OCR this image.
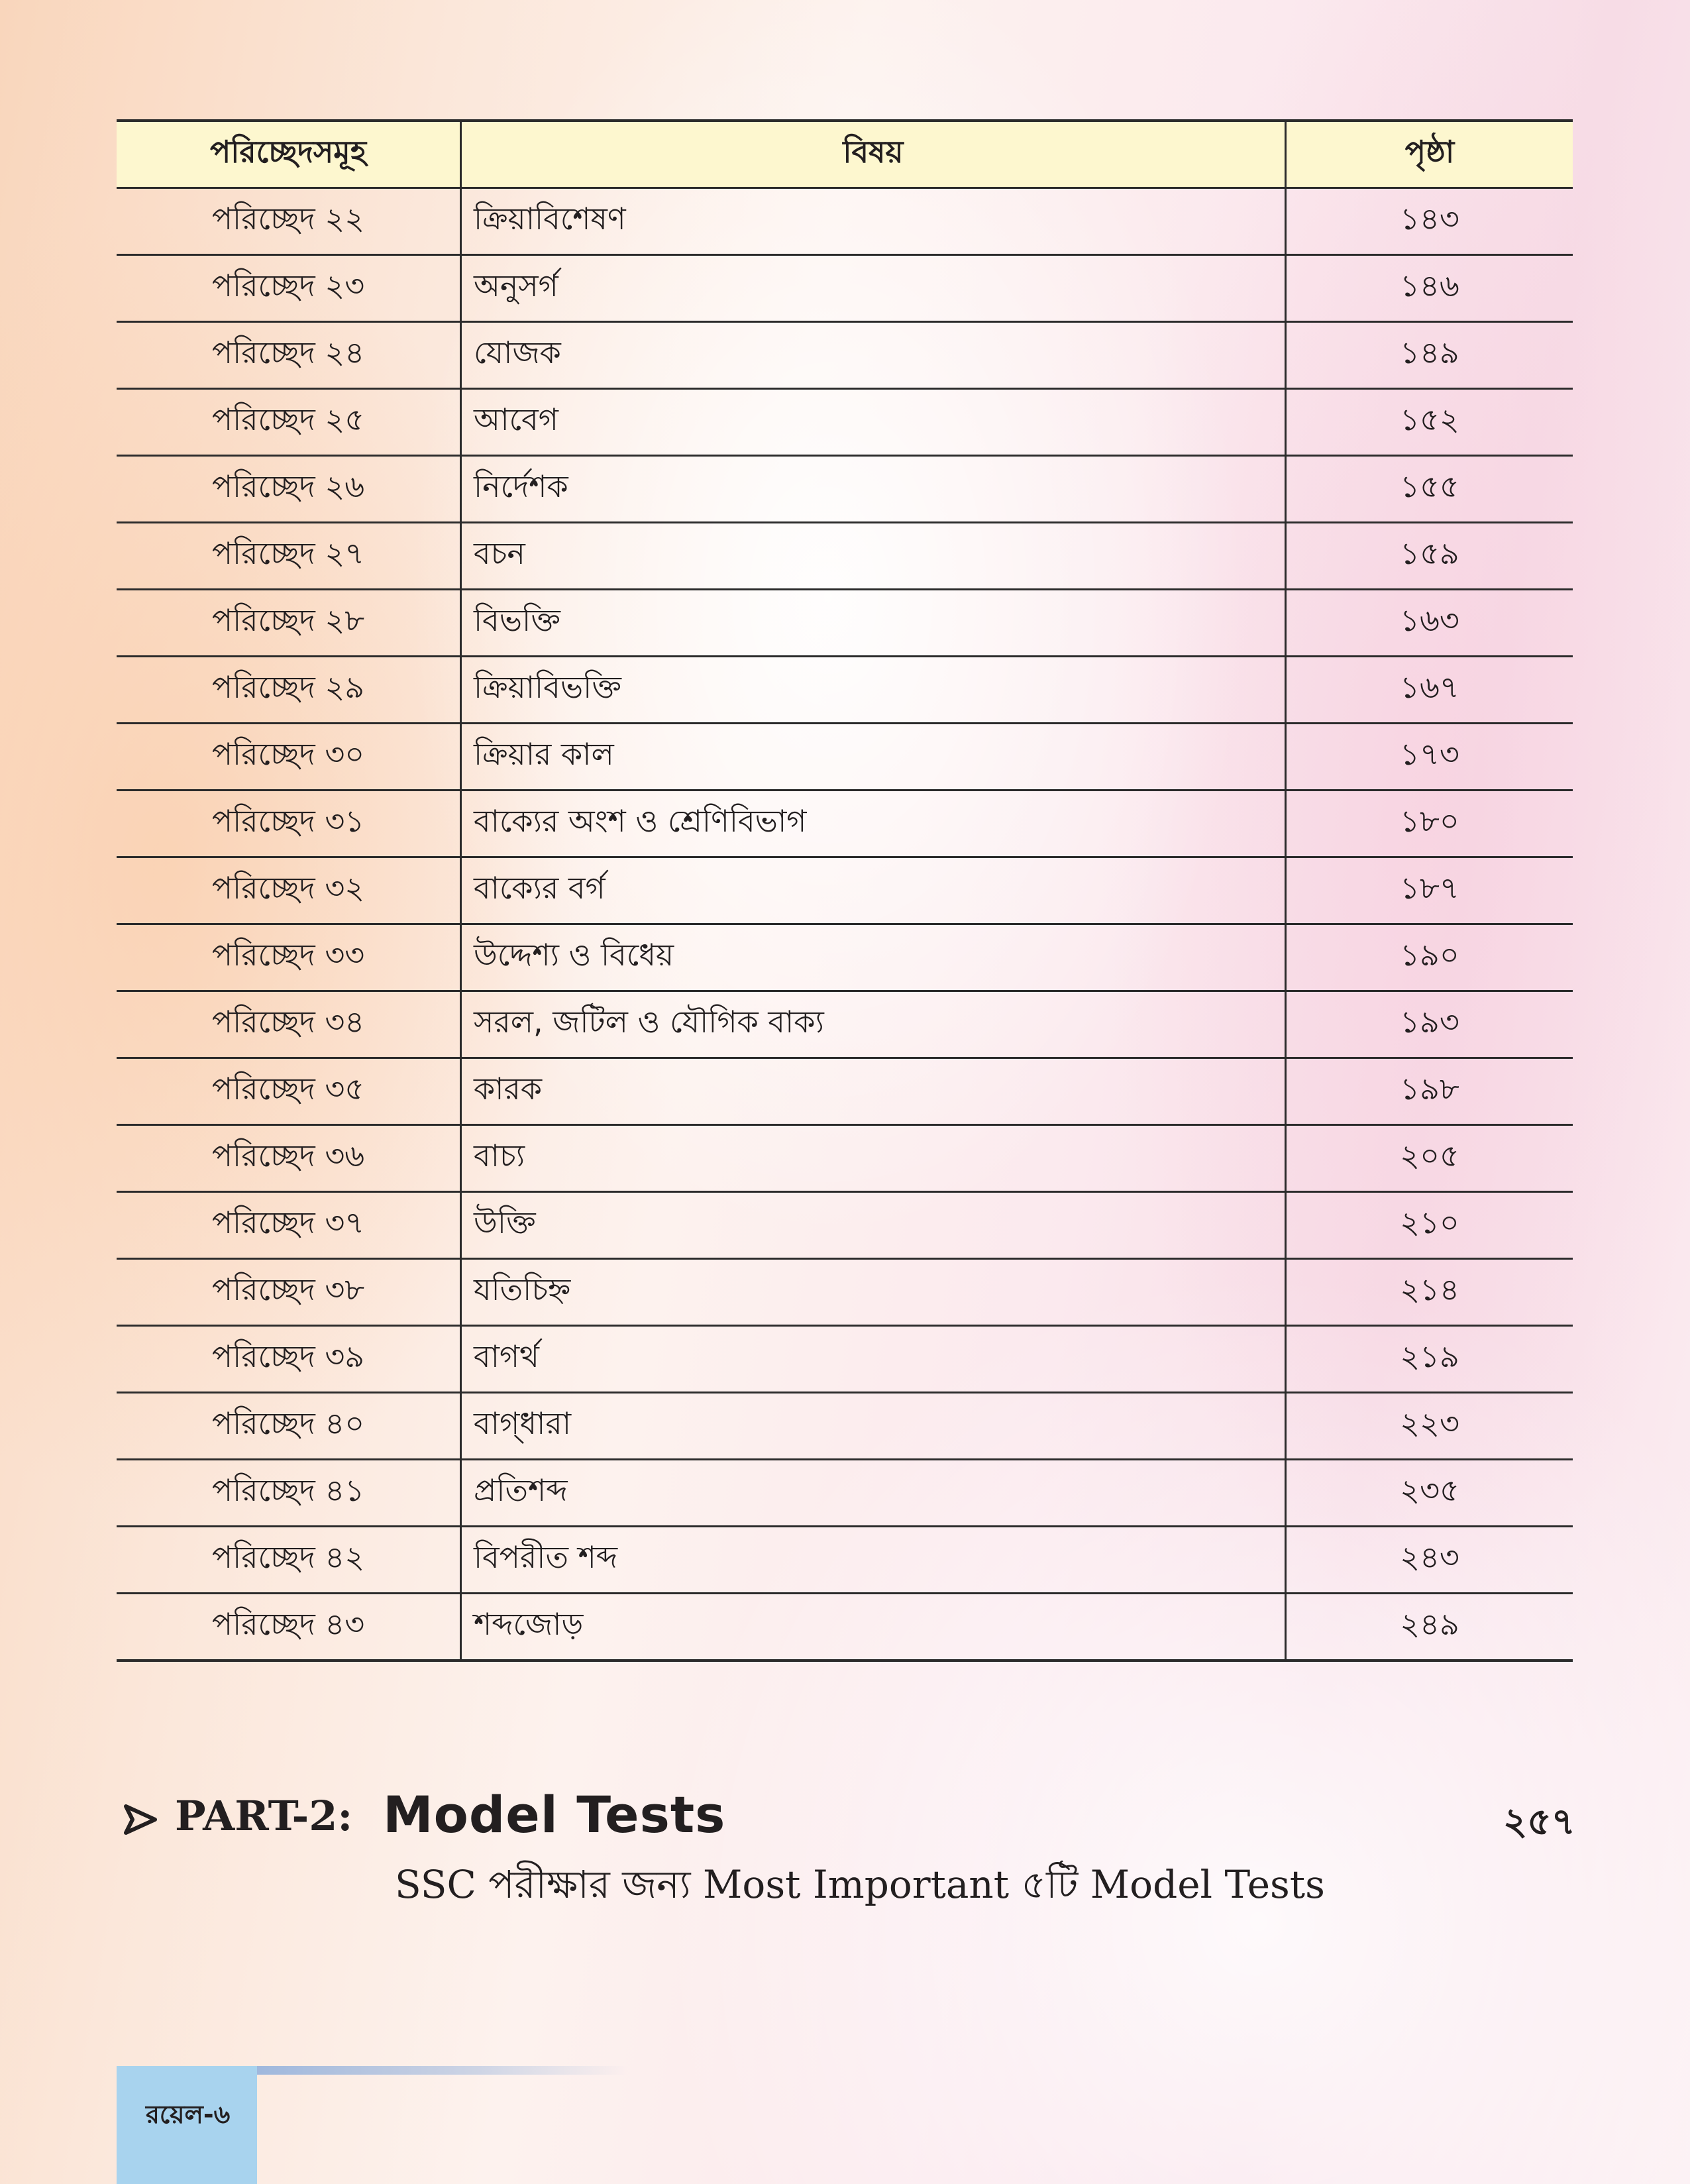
পরিচ্ছেদসমূহ	বিষয়	পৃষ্ঠা
পরিচ্ছেদ ২২	ক্রিয়াবিশেষণ	১৪৩
পরিচ্ছেদ ২৩	অনুসর্গ	১৪৬
পরিচ্ছেদ ২৪	যোজক	১৪৯
পরিচ্ছেদ ২৫	আবেগ	১৫২
পরিচ্ছেদ ২৬	নির্দেশক	১৫৫
পরিচ্ছেদ ২৭	বচন	১৫৯
পরিচ্ছেদ ২৮	বিভক্তি	১৬৩
পরিচ্ছেদ ২৯	ক্রিয়াবিভক্তি	১৬৭
পরিচ্ছেদ ৩০	ক্রিয়ার কাল	১৭৩
পরিচ্ছেদ ৩১	বাক্যের অংশ ও শ্রেণিবিভাগ	১৮০
পরিচ্ছেদ ৩২	বাক্যের বর্গ	১৮৭
পরিচ্ছেদ ৩৩	উদ্দেশ্য ও বিধেয়	১৯০
পরিচ্ছেদ ৩৪	সরল, জটিল ও যৌগিক বাক্য	১৯৩
পরিচ্ছেদ ৩৫	কারক	১৯৮
পরিচ্ছেদ ৩৬	বাচ্য	২০৫
পরিচ্ছেদ ৩৭	উক্তি	২১০
পরিচ্ছেদ ৩৮	যতিচিহ্ন	২১৪
পরিচ্ছেদ ৩৯	বাগর্থ	২১৯
পরিচ্ছেদ ৪০	বাগ্‌ধারা	২২৩
পরিচ্ছেদ ৪১	প্রতিশব্দ	২৩৫
পরিচ্ছেদ ৪২	বিপরীত শব্দ	২৪৩
পরিচ্ছেদ ৪৩	শব্দজোড়	২৪৯
PART-2: Model Tests	২৫৭
SSC পরীক্ষার জন্য Most Important ৫টি Model Tests
রয়েল-৬
